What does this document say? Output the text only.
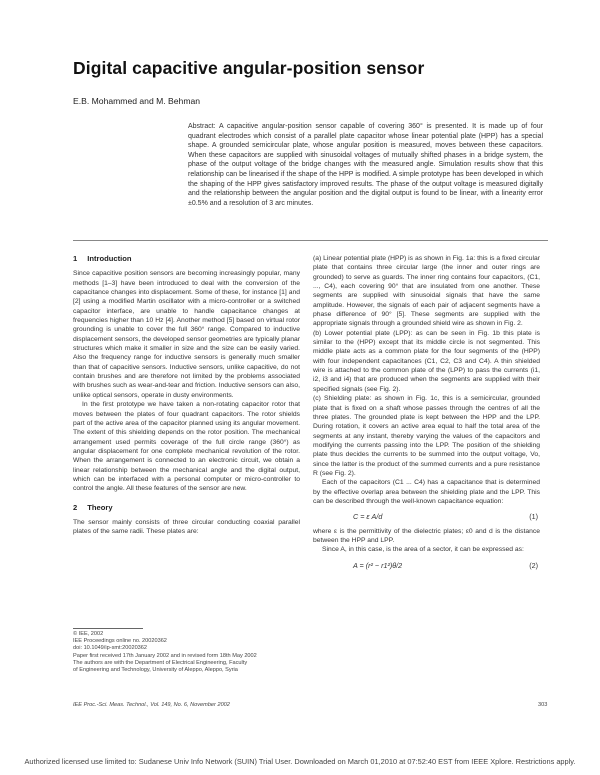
Digital capacitive angular-position sensor
E.B. Mohammed and M. Behman
Abstract: A capacitive angular-position sensor capable of covering 360° is presented. It is made up of four quadrant electrodes which consist of a parallel plate capacitor whose linear potential plate (HPP) has a special shape. A grounded semicircular plate, whose angular position is measured, moves between these capacitors. When these capacitors are supplied with sinusoidal voltages of mutually shifted phases in a bridge system, the phase of the output voltage of the bridge changes with the measured angle. Simulation results show that this relationship can be linearised if the shape of the HPP is modified. A simple prototype has been developed in which the shaping of the HPP gives satisfactory improved results. The phase of the output voltage is measured digitally and the relationship between the angular position and the digital output is found to be linear, with a linearity error ±0.5% and a resolution of 3 arc minutes.
1 Introduction

Since capacitive position sensors are becoming increasingly popular, many methods [1–3] have been introduced to deal with the conversion of the capacitance changes into displacement. Some of these, for instance [1] and [2] using a modified Martin oscillator with a micro-controller or a switched capacitor interface, are unable to handle capacitance changes at frequencies higher than 10 Hz [4]. Another method [5] based on virtual rotor grounding is unable to cover the full 360° range. Compared to inductive displacement sensors, the developed sensor geometries are typically planar structures which make it smaller in size and the size can be easily varied. Also the frequency range for inductive sensors is generally much smaller than that of capacitive sensors. Inductive sensors, unlike capacitive, do not contain brushes and are therefore not limited by the problems associated with brushes such as wear-and-tear and friction. Inductive sensors can also, unlike optical sensors, operate in dusty environments.

In the first prototype we have taken a non-rotating capacitor rotor that moves between the plates of four quadrant capacitors. The rotor shields part of the active area of the capacitor planned using its angular movement. The extent of this shielding depends on the rotor position. The mechanical arrangement used permits coverage of the full circle range (360°) as angular displacement for one complete mechanical revolution of the rotor. When the arrangement is connected to an electronic circuit, we obtain a linear relationship between the mechanical angle and the digital output, which can be interfaced with a personal computer or micro-controller to control the angle. All these features of the sensor are new.

2 Theory

The sensor mainly consists of three circular conducting coaxial parallel plates of the same radii. These plates are:

(a) Linear potential plate (HPP) is as shown in Fig. 1a: this is a fixed circular plate that contains three circular large (the inner and outer rings are grounded) to serve as guards. The inner ring contains four capacitors, (C1, ..., C4), each covering 90° that are insulated from one another. These segments are supplied with sinusoidal signals that have the same amplitude. However, the signals of each pair of adjacent segments have a phase difference of 90° [5]. These segments are supplied with the appropriate signals through a grounded shield wire as shown in Fig. 2.

(b) Lower potential plate (LPP): as can be seen in Fig. 1b this plate is similar to the (HPP) except that its middle circle is not segmented. This middle plate acts as a common plate for the four segments of the (HPP) with four independent capacitances (C1, C2, C3 and C4). A thin shielded wire is attached to the common plate of the (LPP) to pass the currents (i1, i2, i3 and i4) that are produced when the segments are supplied with their specified signals (see Fig. 2).

(c) Shielding plate: as shown in Fig. 1c, this is a semicircular, grounded plate that is fixed on a shaft whose passes through the centres of all the three plates. The grounded plate is kept between the HPP and the LPP. During rotation, it covers an active area equal to half the total area of the segments at any instant, thereby varying the values of the capacitors and modifying the currents passing into the LPP. The position of the shielding plate thus decides the currents to be summed into the output voltage, Vo, since the latter is the product of the summed currents and a pure resistance R (see Fig. 2).

Each of the capacitors (C1 ... C4) has a capacitance that is determined by the effective overlap area between the shielding plate and the LPP. This can be described through the well-known capacitance equation:

C = ε A/d	(1)

where ε is the permittivity of the dielectric plates; ε0 and d is the distance between the HPP and LPP.

Since A, in this case, is the area of a sector, it can be expressed as:

A = (r² − r1²)θ/2	(2)
© IEE, 2002
IEE Proceedings online no. 20020362
doi: 10.1049/ip-smt:20020362
Paper first received 17th January 2002 and in revised form 18th May 2002
The authors are with the Department of Electrical Engineering, Faculty
of Engineering and Technology, University of Aleppo, Aleppo, Syria
IEE Proc.-Sci. Meas. Technol., Vol. 149, No. 6, November 2002	303
Authorized licensed use limited to: Sudanese Univ Info Network (SUIN) Trial User. Downloaded on March 01,2010 at 07:52:40 EST from IEEE Xplore. Restrictions apply.
